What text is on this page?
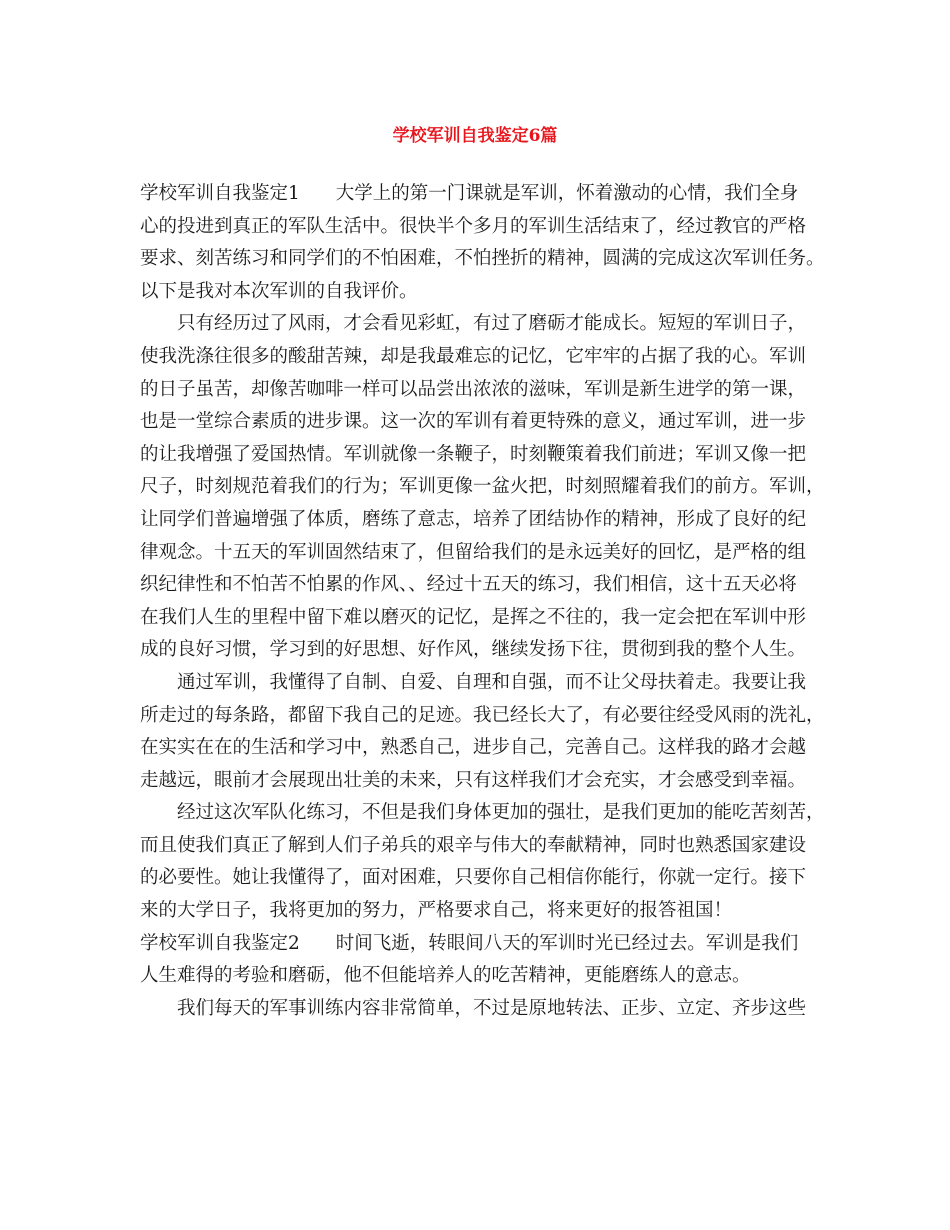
学校军训自我鉴定6篇
学校军训自我鉴定1 大学上的第一门课就是军训，怀着激动的心情，我们全身
心的投进到真正的军队生活中。很快半个多月的军训生活结束了，经过教官的严格
要求、刻苦练习和同学们的不怕困难，不怕挫折的精神，圆满的完成这次军训任务。
以下是我对本次军训的自我评价。
只有经历过了风雨，才会看见彩虹，有过了磨砺才能成长。短短的军训日子，
使我洗涤往很多的酸甜苦辣，却是我最难忘的记忆，它牢牢的占据了我的心。军训
的日子虽苦，却像苦咖啡一样可以品尝出浓浓的滋味，军训是新生进学的第一课，
也是一堂综合素质的进步课。这一次的军训有着更特殊的意义，通过军训，进一步
的让我增强了爱国热情。军训就像一条鞭子，时刻鞭策着我们前进；军训又像一把
尺子，时刻规范着我们的行为；军训更像一盆火把，时刻照耀着我们的前方。军训，
让同学们普遍增强了体质，磨练了意志，培养了团结协作的精神，形成了良好的纪
律观念。十五天的军训固然结束了，但留给我们的是永远美好的回忆，是严格的组
织纪律性和不怕苦不怕累的作风、、经过十五天的练习，我们相信，这十五天必将
在我们人生的里程中留下难以磨灭的记忆，是挥之不往的，我一定会把在军训中形
成的良好习惯，学习到的好思想、好作风，继续发扬下往，贯彻到我的整个人生。
通过军训，我懂得了自制、自爱、自理和自强，而不让父母扶着走。我要让我
所走过的每条路，都留下我自己的足迹。我已经长大了，有必要往经受风雨的洗礼，
在实实在在的生活和学习中，熟悉自己，进步自己，完善自己。这样我的路才会越
走越远，眼前才会展现出壮美的未来，只有这样我们才会充实，才会感受到幸福。
经过这次军队化练习，不但是我们身体更加的强壮，是我们更加的能吃苦刻苦，
而且使我们真正了解到人们子弟兵的艰辛与伟大的奉献精神，同时也熟悉国家建设
的必要性。她让我懂得了，面对困难，只要你自己相信你能行，你就一定行。接下
来的大学日子，我将更加的努力，严格要求自己，将来更好的报答祖国！
学校军训自我鉴定2 时间飞逝，转眼间八天的军训时光已经过去。军训是我们
人生难得的考验和磨砺，他不但能培养人的吃苦精神，更能磨练人的意志。
我们每天的军事训练内容非常简单，不过是原地转法、正步、立定、齐步这些
